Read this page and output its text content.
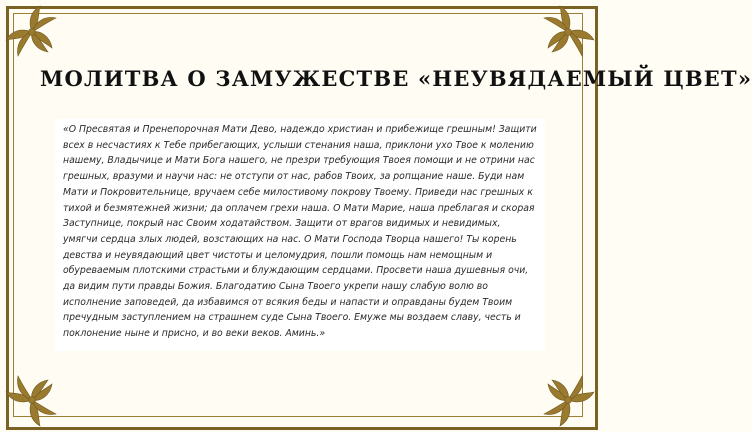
МОЛИТВА О ЗАМУЖЕСТВЕ «НЕУВЯДАЕМЫЙ ЦВЕТ»

«О Пресвятая и Пренепорочная Мати Дево, надеждо христиан и прибежище грешным! Защити всех в несчастиях к Тебе прибегающих, услыши стенания наша, приклони ухо Твое к молению нашему, Владычице и Мати Бога нашего, не презри требующия Твоея помощи и не отрини нас грешных, вразуми и научи нас: не отступи от нас, рабов Твоих, за ропщание наше. Буди нам Мати и Покровительнице, вручаем себе милостивому покрову Твоему. Приведи нас грешных к тихой и безмятежней жизни; да оплачем грехи наша. О Мати Марие, наша преблагая и скорая Заступнице, покрый нас Своим ходатайством. Защити от врагов видимых и невидимых, умягчи сердца злых людей, возстающих на нас. О Мати Господа Творца нашего! Ты корень девства и неувядающий цвет чистоты и целомудрия, пошли помощь нам немощным и обуреваемым плотскими страстьми и блуждающим сердцами. Просвети наша душевныя очи, да видим пути правды Божия. Благодатию Сына Твоего укрепи нашу слабую волю во исполнение заповедей, да избавимся от всякия беды и напасти и оправданы будем Твоим пречудным заступлением на страшнем суде Сына Твоего. Емуже мы воздаем славу, честь и поклонение ныне и присно, и во веки веков. Аминь.»
